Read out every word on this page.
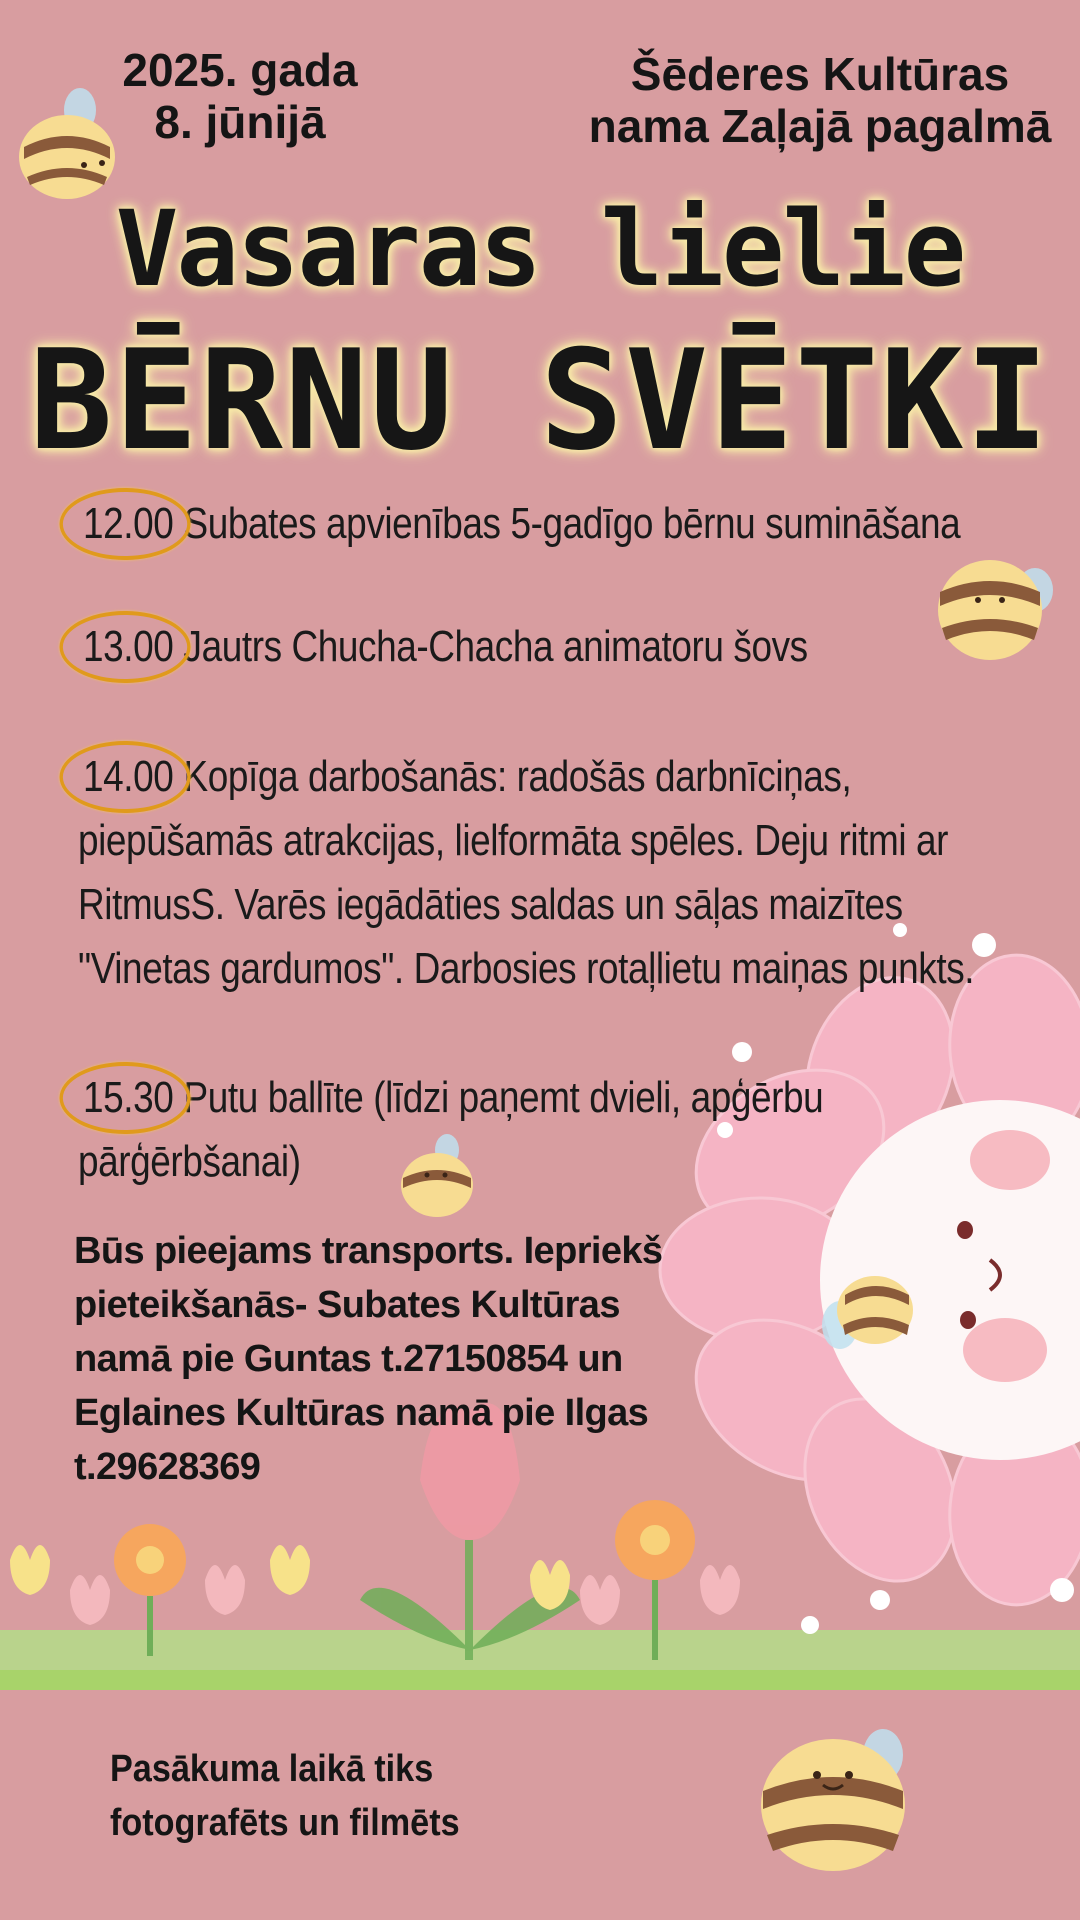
2025. gada
8. jūnijā
Šēderes Kultūras
nama Zaļajā pagalmā
Vasaras lielie
BĒRNU SVĒTKI
12.00 Subates apvienības 5-gadīgo bērnu sumināšana
13.00 Jautrs Chucha-Chacha animatoru šovs
14.00 Kopīga darbošanās: radošās darbnīciņas,
piepūšamās atrakcijas, lielformāta spēles. Deju ritmi ar
RitmusS. Varēs iegādāties saldas un sāļas maizītes
"Vinetas gardumos". Darbosies rotaļlietu maiņas punkts.
15.30 Putu ballīte (līdzi paņemt dvieli, apģērbu
pārģērbšanai)
Būs pieejams transports. Iepriekš
pieteikšanās- Subates Kultūras
namā pie Guntas t.27150854 un
Eglaines Kultūras namā pie Ilgas
t.29628369
Pasākuma laikā tiks
fotografēts un filmēts
